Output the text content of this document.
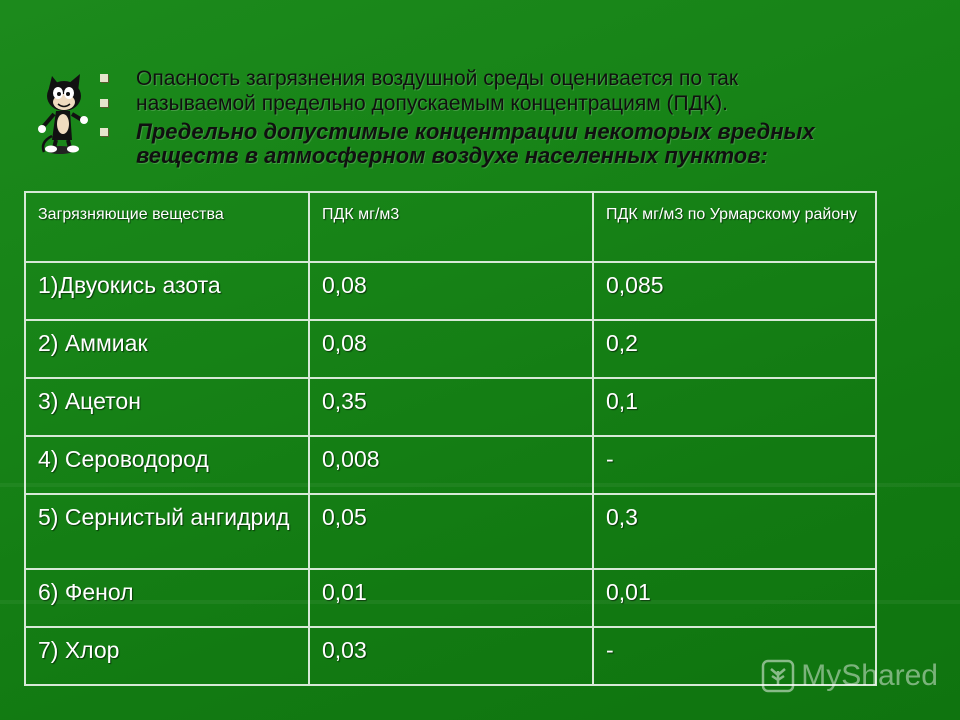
Опасность загрязнения воздушной среды оценивается по так
называемой предельно допускаемым концентрациям (ПДК).
Предельно допустимые концентрации некоторых вредных веществ в атмосферном воздухе населенных пунктов:
Загрязняющие вещества	ПДК мг/м3	ПДК мг/м3 по Урмарскому району
1)Двуокись азота	0,08	0,085
2) Аммиак	0,08	0,2
3) Ацетон	0,35	0,1
4) Сероводород	0,008	-
5) Сернистый ангидрид	0,05	0,3
6) Фенол	0,01	0,01
7) Хлор	0,03	-
MyShared
